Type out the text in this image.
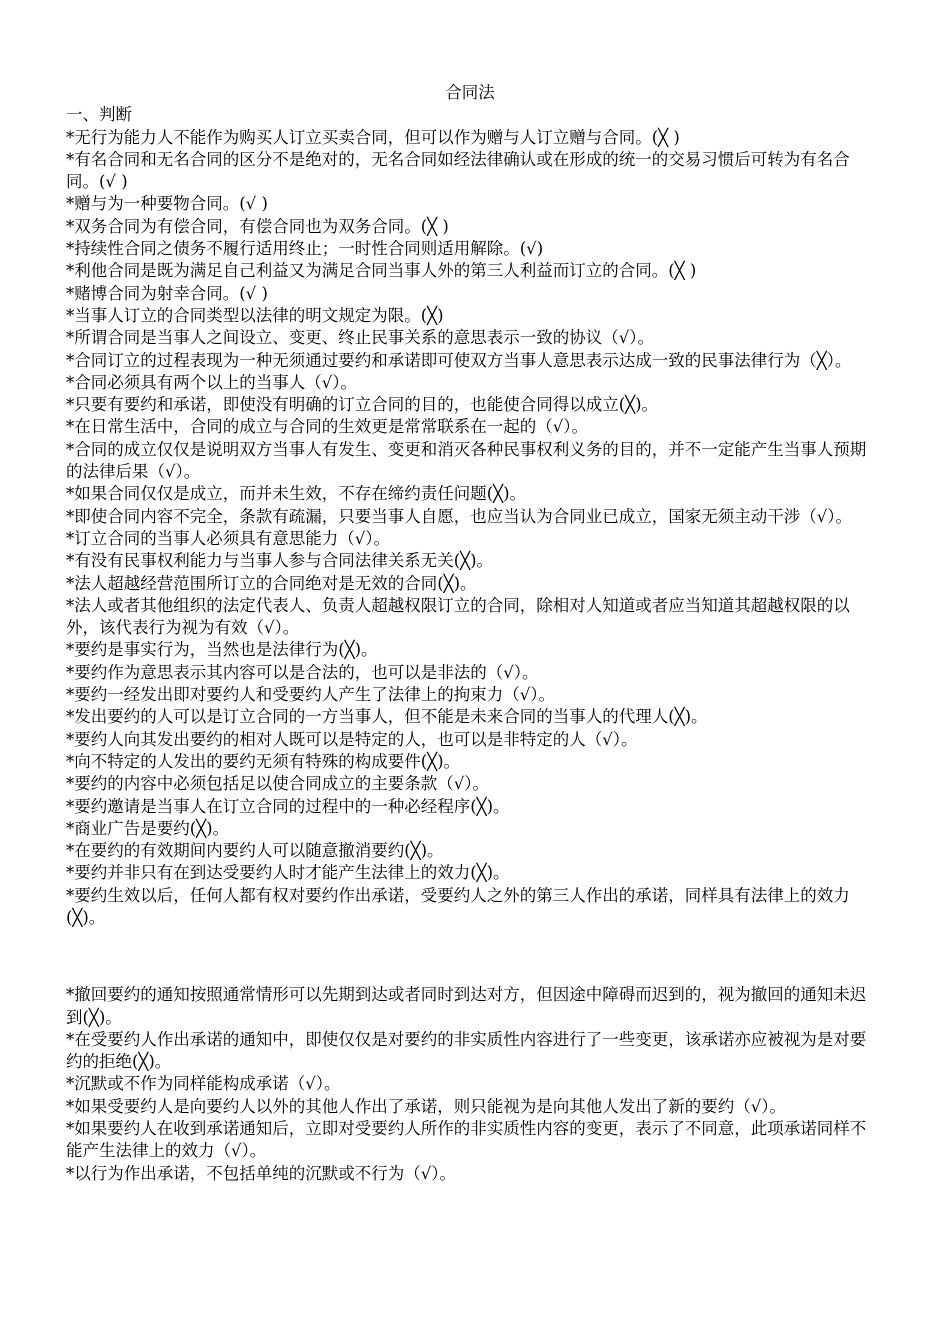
合同法

一、判断

*无行为能力人不能作为购买人订立买卖合同，但可以作为赠与人订立赠与合同。(╳ )

*有名合同和无名合同的区分不是绝对的，无名合同如经法律确认或在形成的统一的交易习惯后可转为有名合同。(√ )

*赠与为一种要物合同。(√ )

*双务合同为有偿合同，有偿合同也为双务合同。(╳ )

*持续性合同之债务不履行适用终止；一时性合同则适用解除。(√)

*利他合同是既为满足自己利益又为满足合同当事人外的第三人利益而订立的合同。(╳ )

*赌博合同为射幸合同。(√ )

*当事人订立的合同类型以法律的明文规定为限。(╳)

*所谓合同是当事人之间设立、变更、终止民事关系的意思表示一致的协议（√）。

*合同订立的过程表现为一种无须通过要约和承诺即可使双方当事人意思表示达成一致的民事法律行为（╳）。

*合同必须具有两个以上的当事人（√）。

*只要有要约和承诺，即使没有明确的订立合同的目的，也能使合同得以成立(╳)。

*在日常生活中，合同的成立与合同的生效更是常常联系在一起的（√）。

*合同的成立仅仅是说明双方当事人有发生、变更和消灭各种民事权利义务的目的，并不一定能产生当事人预期的法律后果（√）。

*如果合同仅仅是成立，而并未生效，不存在缔约责任问题(╳)。

*即使合同内容不完全，条款有疏漏，只要当事人自愿，也应当认为合同业已成立，国家无须主动干涉（√）。

*订立合同的当事人必须具有意思能力（√）。

*有没有民事权利能力与当事人参与合同法律关系无关(╳)。

*法人超越经营范围所订立的合同绝对是无效的合同(╳)。

*法人或者其他组织的法定代表人、负责人超越权限订立的合同，除相对人知道或者应当知道其超越权限的以外，该代表行为视为有效（√）。

*要约是事实行为，当然也是法律行为(╳)。

*要约作为意思表示其内容可以是合法的，也可以是非法的（√）。

*要约一经发出即对要约人和受要约人产生了法律上的拘束力（√）。

*发出要约的人可以是订立合同的一方当事人，但不能是未来合同的当事人的代理人(╳)。

*要约人向其发出要约的相对人既可以是特定的人，也可以是非特定的人（√）。

*向不特定的人发出的要约无须有特殊的构成要件(╳)。

*要约的内容中必须包括足以使合同成立的主要条款（√）。

*要约邀请是当事人在订立合同的过程中的一种必经程序(╳)。

*商业广告是要约(╳)。

*在要约的有效期间内要约人可以随意撤消要约(╳)。

*要约并非只有在到达受要约人时才能产生法律上的效力(╳)。

*要约生效以后，任何人都有权对要约作出承诺，受要约人之外的第三人作出的承诺，同样具有法律上的效力(╳)。

*撤回要约的通知按照通常情形可以先期到达或者同时到达对方，但因途中障碍而迟到的，视为撤回的通知未迟到(╳)。

*在受要约人作出承诺的通知中，即使仅仅是对要约的非实质性内容进行了一些变更，该承诺亦应被视为是对要约的拒绝(╳)。

*沉默或不作为同样能构成承诺（√）。

*如果受要约人是向要约人以外的其他人作出了承诺，则只能视为是向其他人发出了新的要约（√）。

*如果要约人在收到承诺通知后，立即对受要约人所作的非实质性内容的变更，表示了不同意，此项承诺同样不能产生法律上的效力（√）。

*以行为作出承诺，不包括单纯的沉默或不行为（√）。
